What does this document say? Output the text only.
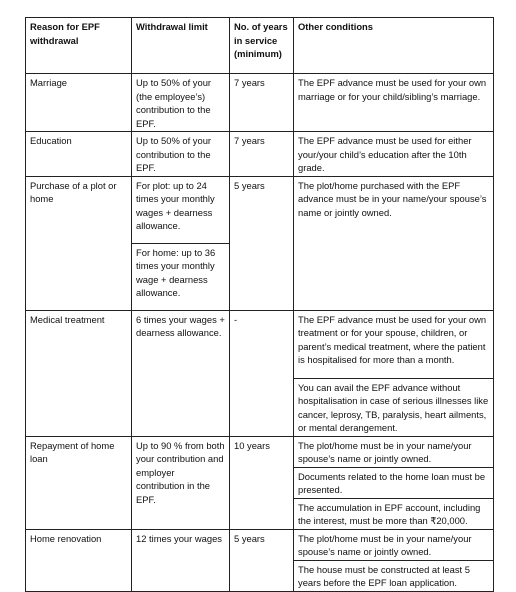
Reason for EPF withdrawal	Withdrawal limit	No. of years in service (minimum)	Other conditions
Marriage	Up to 50% of your (the employee’s) contribution to the EPF.	7 years	The EPF advance must be used for your own marriage or for your child/sibling’s marriage.
Education	Up to 50% of your contribution to the EPF.	7 years	The EPF advance must be used for either your/your child’s education after the 10th grade.
Purchase of a plot or home	For plot: up to 24 times your monthly wages + dearness allowance.	5 years	The plot/home purchased with the EPF advance must be in your name/your spouse’s name or jointly owned.
	For home: up to 36 times your monthly wage + dearness allowance.		
Medical treatment	6 times your wages + dearness allowance.	-	The EPF advance must be used for your own treatment or for your spouse, children, or parent’s medical treatment, where the patient is hospitalised for more than a month.
			You can avail the EPF advance without hospitalisation in case of serious illnesses like cancer, leprosy, TB, paralysis, heart ailments, or mental derangement.
Repayment of home loan	Up to 90 % from both your contribution and employer contribution in the EPF.	10 years	The plot/home must be in your name/your spouse’s name or jointly owned.
			Documents related to the home loan must be presented.
			The accumulation in EPF account, including the interest, must be more than ₹20,000.
Home renovation	12 times your wages	5 years	The plot/home must be in your name/your spouse’s name or jointly owned.
			The house must be constructed at least 5 years before the EPF loan application.
